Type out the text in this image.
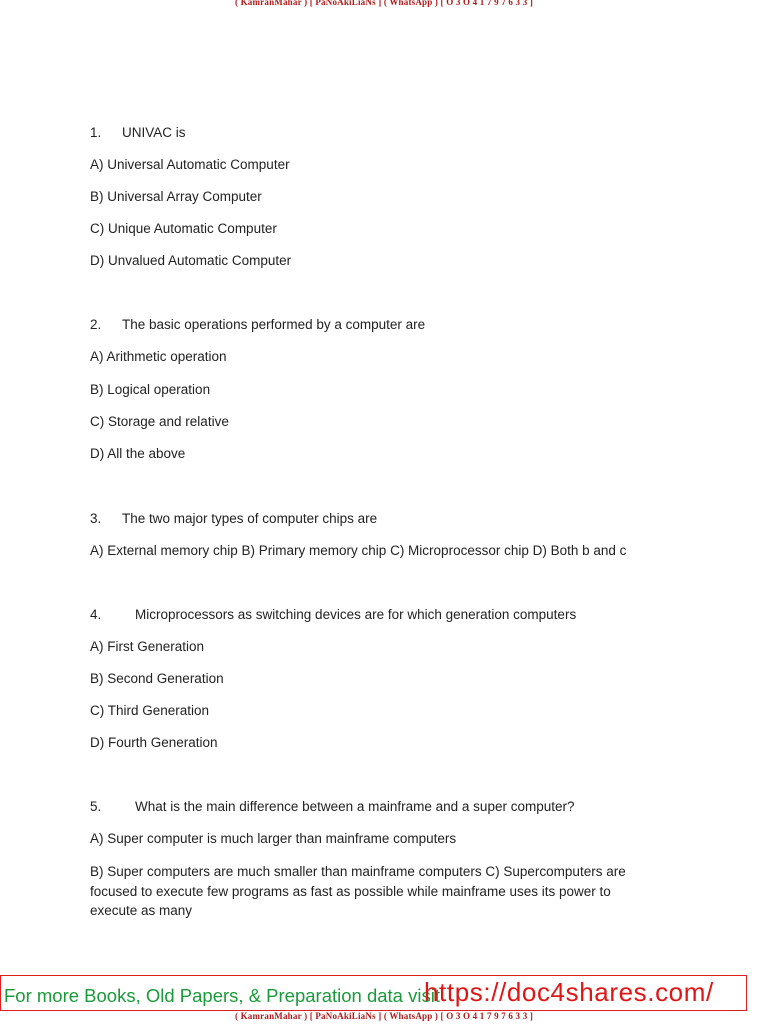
( KamranMahar ) [ PaNoAkiLiaNs ] ( WhatsApp ) [ O 3 O 4 1 7 9 7 6 3 3 ]
1. UNIVAC is
A) Universal Automatic Computer
B) Universal Array Computer
C) Unique Automatic Computer
D) Unvalued Automatic Computer
2. The basic operations performed by a computer are
A) Arithmetic operation
B) Logical operation
C) Storage and relative
D) All the above
3. The two major types of computer chips are
A) External memory chip B) Primary memory chip C) Microprocessor chip D) Both b and c
4. Microprocessors as switching devices are for which generation computers
A) First Generation
B) Second Generation
C) Third Generation
D) Fourth Generation
5. What is the main difference between a mainframe and a super computer?
A) Super computer is much larger than mainframe computers
B) Super computers are much smaller than mainframe computers C) Supercomputers are focused to execute few programs as fast as possible while mainframe uses its power to execute as many
For more Books, Old Papers, & Preparation data visit
https://doc4shares.com/
( KamranMahar ) [ PaNoAkiLiaNs ] ( WhatsApp ) [ O 3 O 4 1 7 9 7 6 3 3 ]
